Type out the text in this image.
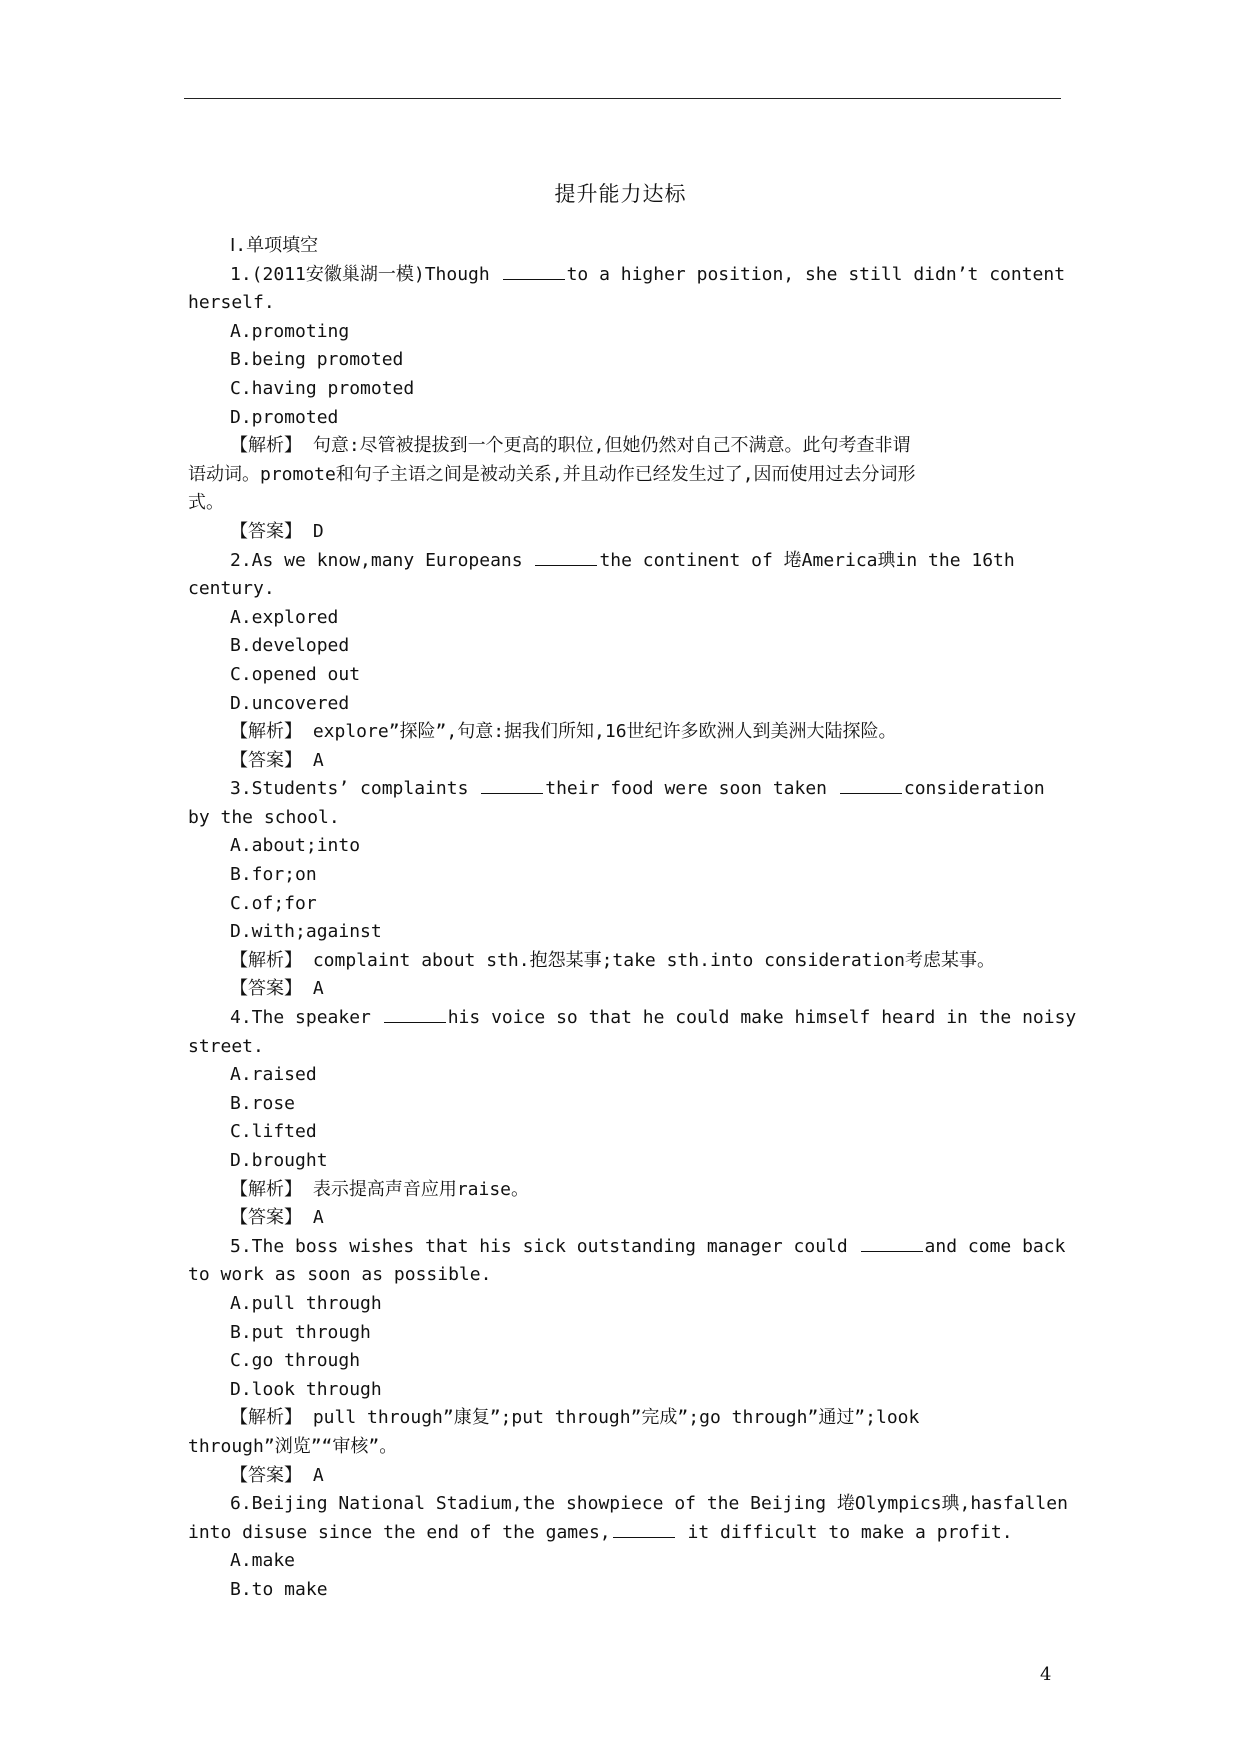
提升能力达标
Ⅰ.单项填空
1.(2011安徽巢湖一模)Though	to a higher position, she still didn’t content
herself.
A.promoting
B.being promoted
C.having promoted
D.promoted
【解析】 句意:尽管被提拔到一个更高的职位,但她仍然对自己不满意。此句考查非谓
语动词。promote和句子主语之间是被动关系,并且动作已经发生过了,因而使用过去分词形
式。
【答案】 D
2.As we know,many Europeans	the continent of 埢America琠in the 16th
century.
A.explored
B.developed
C.opened out
D.uncovered
【解析】 explore”探险”,句意:据我们所知,16世纪许多欧洲人到美洲大陆探险。
【答案】 A
3.Students’ complaints	their food were soon taken	consideration
by the school.
A.about;into
B.for;on
C.of;for
D.with;against
【解析】 complaint about sth.抱怨某事;take sth.into consideration考虑某事。
【答案】 A
4.The speaker	his voice so that he could make himself heard in the noisy
street.
A.raised
B.rose
C.lifted
D.brought
【解析】 表示提高声音应用raise。
【答案】 A
5.The boss wishes that his sick outstanding manager could	and come back
to work as soon as possible.
A.pull through
B.put through
C.go through
D.look through
【解析】 pull through”康复”;put through”完成”;go through”通过”;look
through”浏览”“审核”。
【答案】 A
6.Beijing National Stadium,the showpiece of the Beijing 埢Olympics琠,hasfallen
into disuse since the end of the games,	it difficult to make a profit.
A.make
B.to make
4
